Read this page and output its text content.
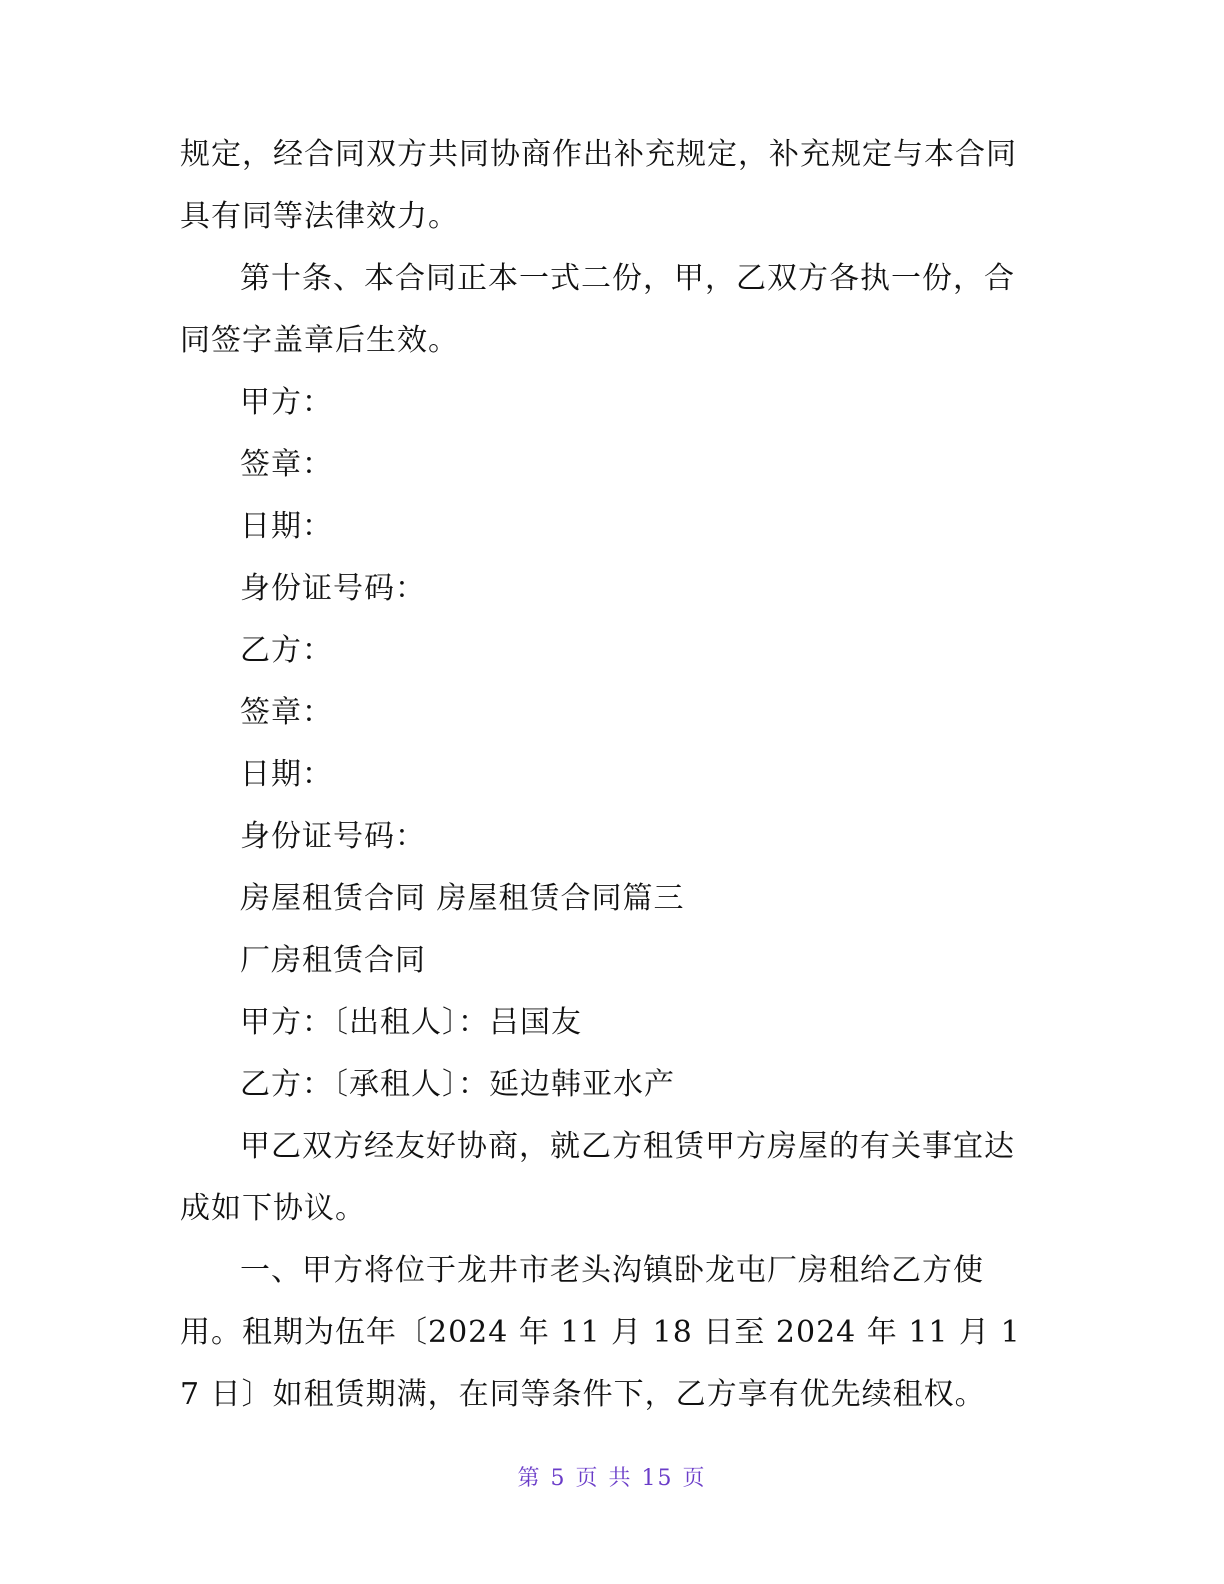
规定，经合同双方共同协商作出补充规定，补充规定与本合同具有同等法律效力。

第十条、本合同正本一式二份，甲，乙双方各执一份，合同签字盖章后生效。

甲方：

签章：

日期：

身份证号码：

乙方：

签章：

日期：

身份证号码：

房屋租赁合同 房屋租赁合同篇三

厂房租赁合同

甲方：〔出租人〕：吕国友

乙方：〔承租人〕：延边韩亚水产

甲乙双方经友好协商，就乙方租赁甲方房屋的有关事宜达成如下协议。

一、甲方将位于龙井市老头沟镇卧龙屯厂房租给乙方使用。租期为伍年〔2024 年 11 月 18 日至 2024 年 11 月 17 日〕如租赁期满，在同等条件下，乙方享有优先续租权。

第 5 页 共 15 页
